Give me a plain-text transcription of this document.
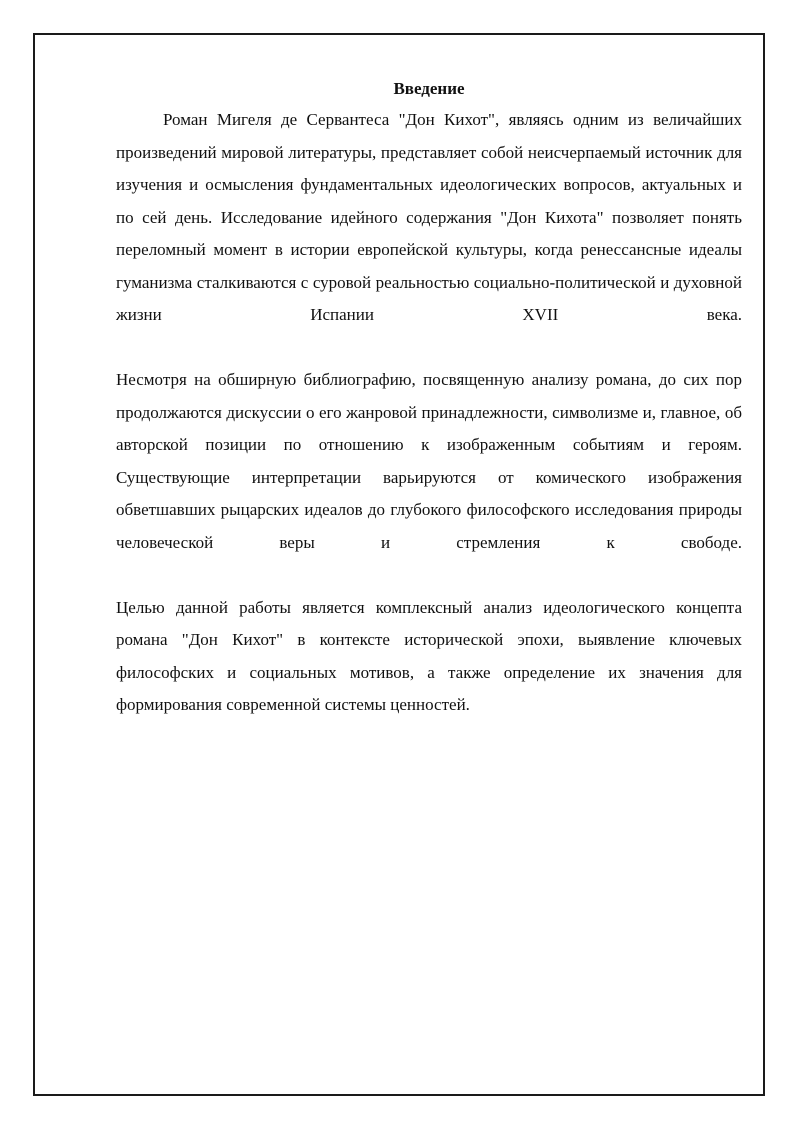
Введение

Роман Мигеля де Сервантеса "Дон Кихот", являясь одним из величайших произведений мировой литературы, представляет собой неисчерпаемый источник для изучения и осмысления фундаментальных идеологических вопросов, актуальных и по сей день. Исследование идейного содержания "Дон Кихота" позволяет понять переломный момент в истории европейской культуры, когда ренессансные идеалы гуманизма сталкиваются с суровой реальностью социально-политической и духовной жизни Испании XVII века.

Несмотря на обширную библиографию, посвященную анализу романа, до сих пор продолжаются дискуссии о его жанровой принадлежности, символизме и, главное, об авторской позиции по отношению к изображенным событиям и героям. Существующие интерпретации варьируются от комического изображения обветшавших рыцарских идеалов до глубокого философского исследования природы человеческой веры и стремления к свободе.

Целью данной работы является комплексный анализ идеологического концепта романа "Дон Кихот" в контексте исторической эпохи, выявление ключевых философских и социальных мотивов, а также определение их значения для формирования современной системы ценностей.
